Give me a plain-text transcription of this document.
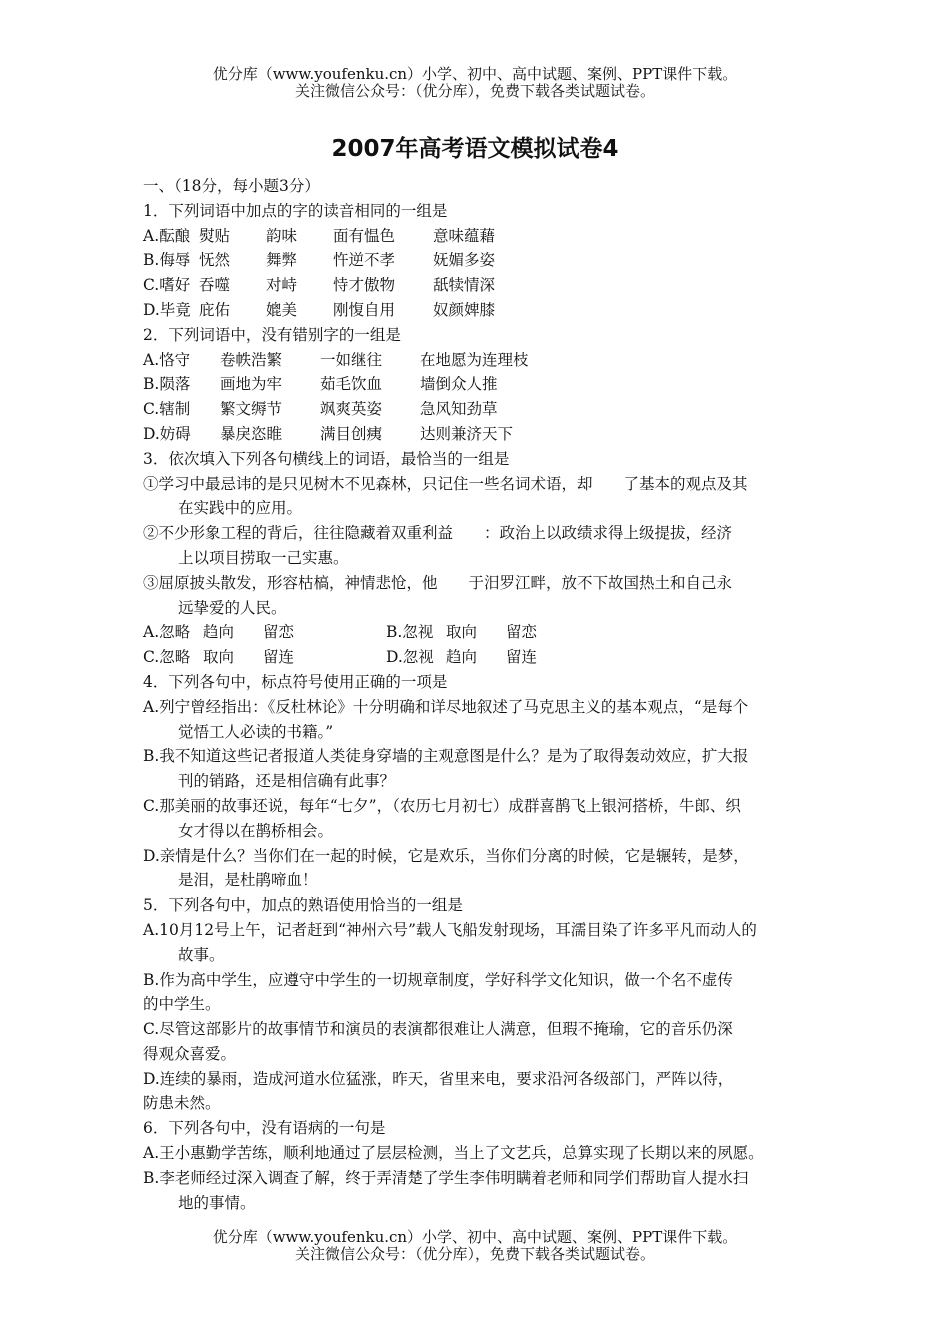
优分库（www.youfenku.cn）小学、初中、高中试题、案例、PPT课件下载。
关注微信公众号：（优分库），免费下载各类试题试卷。
2007年高考语文模拟试卷4
一、（18分，每小题3分）
1．下列词语中加点的字的读音相同的一组是
A.酝酿 熨贴 韵味 面有愠色 意味蕴藉
B.侮辱 怃然 舞弊 忤逆不孝 妩媚多姿
C.嗜好 吞噬 对峙 恃才傲物 舐犊情深
D.毕竟 庇佑 媲美 刚愎自用 奴颜婢膝
2．下列词语中，没有错别字的一组是
A.恪守 卷帙浩繁 一如继往 在地愿为连理枝
B.陨落 画地为牢 茹毛饮血 墙倒众人推
C.辖制 繁文缛节 飒爽英姿 急风知劲草
D.妨碍 暴戾恣睢 满目创痍 达则兼济天下
3．依次填入下列各句横线上的词语，最恰当的一组是
①学习中最忌讳的是只见树木不见森林，只记住一些名词术语，却　　了基本的观点及其
在实践中的应用。
②不少形象工程的背后，往往隐藏着双重利益　　：政治上以政绩求得上级提拔，经济
上以项目捞取一己实惠。
③屈原披头散发，形容枯槁，神情悲怆，他　　于汨罗江畔，放不下故国热土和自己永
远挚爱的人民。
A.忽略 趋向 留恋	B.忽视 取向 留恋
C.忽略 取向 留连	D.忽视 趋向 留连
4．下列各句中，标点符号使用正确的一项是
A.列宁曾经指出：《反杜林论》十分明确和详尽地叙述了马克思主义的基本观点，“是每个
觉悟工人必读的书籍。”
B.我不知道这些记者报道人类徒身穿墙的主观意图是什么？是为了取得轰动效应，扩大报
刊的销路，还是相信确有此事？
C.那美丽的故事还说，每年“七夕”，（农历七月初七）成群喜鹊飞上银河搭桥，牛郎、织
女才得以在鹊桥相会。
D.亲情是什么？当你们在一起的时候，它是欢乐，当你们分离的时候，它是辗转，是梦，
是泪，是杜鹃啼血！
5．下列各句中，加点的熟语使用恰当的一组是
A.10月12号上午，记者赶到“神州六号”载人飞船发射现场，耳濡目染了许多平凡而动人的
故事。
B.作为高中学生，应遵守中学生的一切规章制度，学好科学文化知识，做一个名不虚传
的中学生。
C.尽管这部影片的故事情节和演员的表演都很难让人满意，但瑕不掩瑜，它的音乐仍深
得观众喜爱。
D.连续的暴雨，造成河道水位猛涨，昨天，省里来电，要求沿河各级部门，严阵以待，
防患未然。
6．下列各句中，没有语病的一句是
A.王小惠勤学苦练，顺利地通过了层层检测，当上了文艺兵，总算实现了长期以来的夙愿。
B.李老师经过深入调查了解，终于弄清楚了学生李伟明瞒着老师和同学们帮助盲人提水扫
地的事情。
优分库（www.youfenku.cn）小学、初中、高中试题、案例、PPT课件下载。
关注微信公众号：（优分库），免费下载各类试题试卷。
